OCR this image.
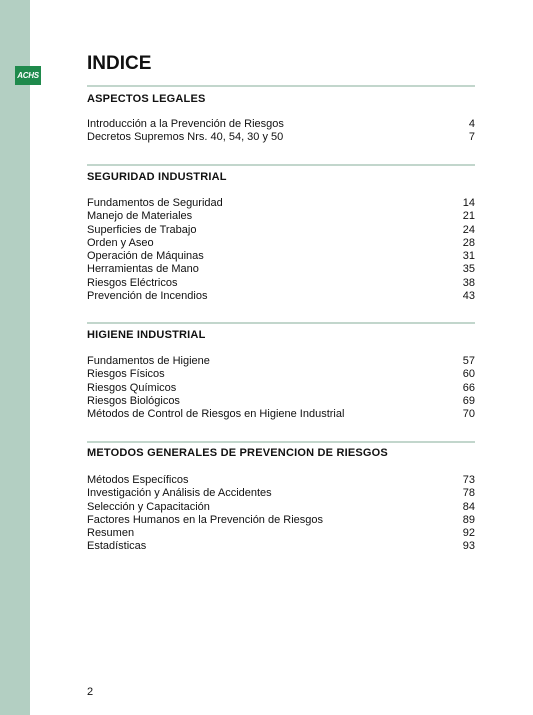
ACHS
INDICE
ASPECTOS LEGALES
Introducción a la Prevención de Riesgos	4
Decretos Supremos Nrs. 40, 54, 30 y 50	7
SEGURIDAD INDUSTRIAL
Fundamentos de Seguridad	14
Manejo de Materiales	21
Superficies de Trabajo	24
Orden y Aseo	28
Operación de Máquinas	31
Herramientas de Mano	35
Riesgos Eléctricos	38
Prevención de Incendios	43
HIGIENE INDUSTRIAL
Fundamentos de Higiene	57
Riesgos Físicos	60
Riesgos Químicos	66
Riesgos Biológicos	69
Métodos de Control de Riesgos en Higiene Industrial	70
METODOS GENERALES DE PREVENCION DE RIESGOS
Métodos Específicos	73
Investigación y Análisis de Accidentes	78
Selección y Capacitación	84
Factores Humanos en la Prevención de Riesgos	89
Resumen	92
Estadísticas	93
2
